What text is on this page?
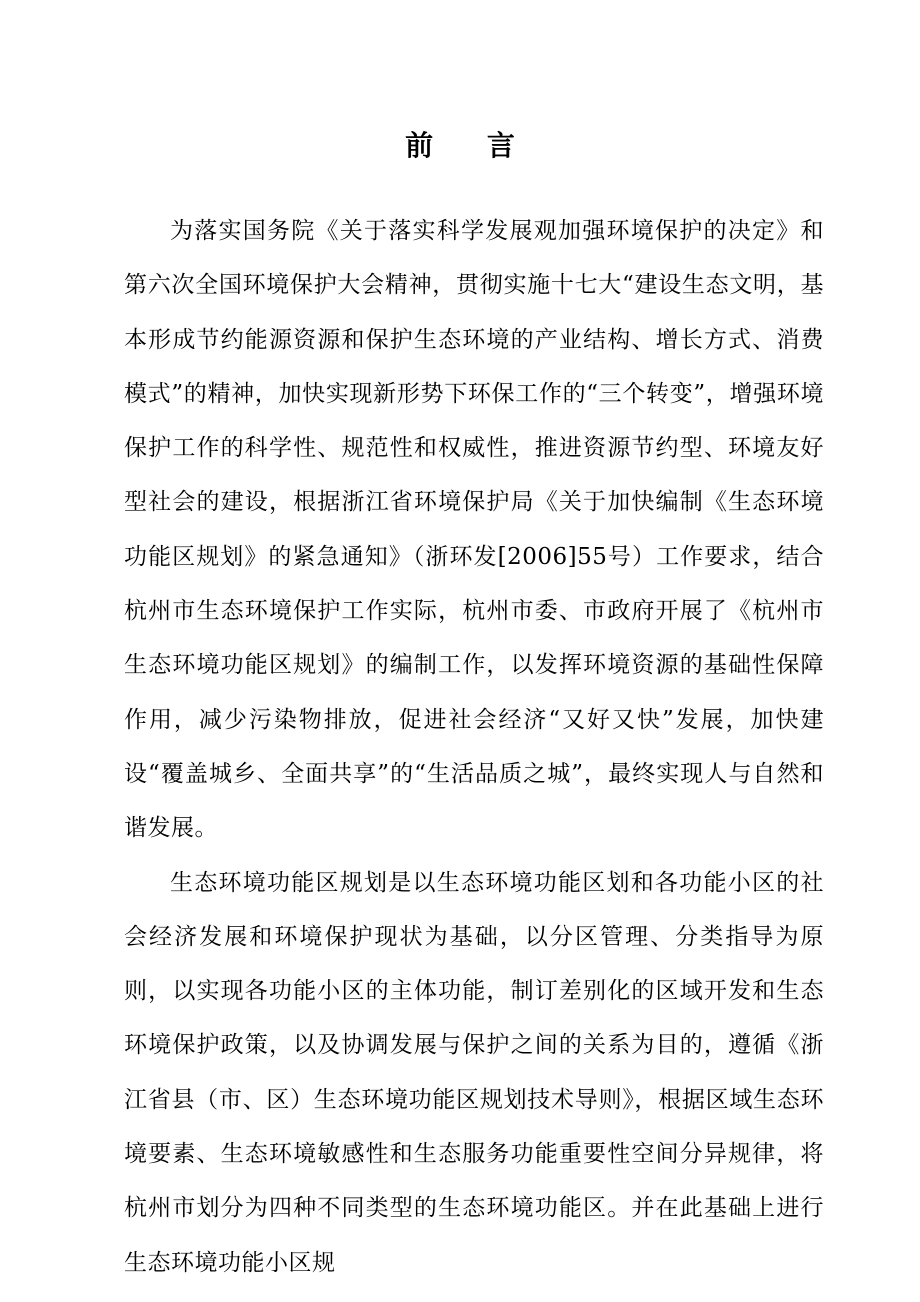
前 言

为落实国务院《关于落实科学发展观加强环境保护的决定》和第六次全国环境保护大会精神，贯彻实施十七大“建设生态文明，基本形成节约能源资源和保护生态环境的产业结构、增长方式、消费模式”的精神，加快实现新形势下环保工作的“三个转变”，增强环境保护工作的科学性、规范性和权威性，推进资源节约型、环境友好型社会的建设，根据浙江省环境保护局《关于加快编制《生态环境功能区规划》的紧急通知》（浙环发[2006]55号）工作要求，结合杭州市生态环境保护工作实际，杭州市委、市政府开展了《杭州市生态环境功能区规划》的编制工作，以发挥环境资源的基础性保障作用，减少污染物排放，促进社会经济“又好又快”发展，加快建设“覆盖城乡、全面共享”的“生活品质之城”，最终实现人与自然和谐发展。

生态环境功能区规划是以生态环境功能区划和各功能小区的社会经济发展和环境保护现状为基础，以分区管理、分类指导为原则，以实现各功能小区的主体功能，制订差别化的区域开发和生态环境保护政策，以及协调发展与保护之间的关系为目的，遵循《浙江省县（市、区）生态环境功能区规划技术导则》，根据区域生态环境要素、生态环境敏感性和生态服务功能重要性空间分异规律，将杭州市划分为四种不同类型的生态环境功能区。并在此基础上进行生态环境功能小区规
